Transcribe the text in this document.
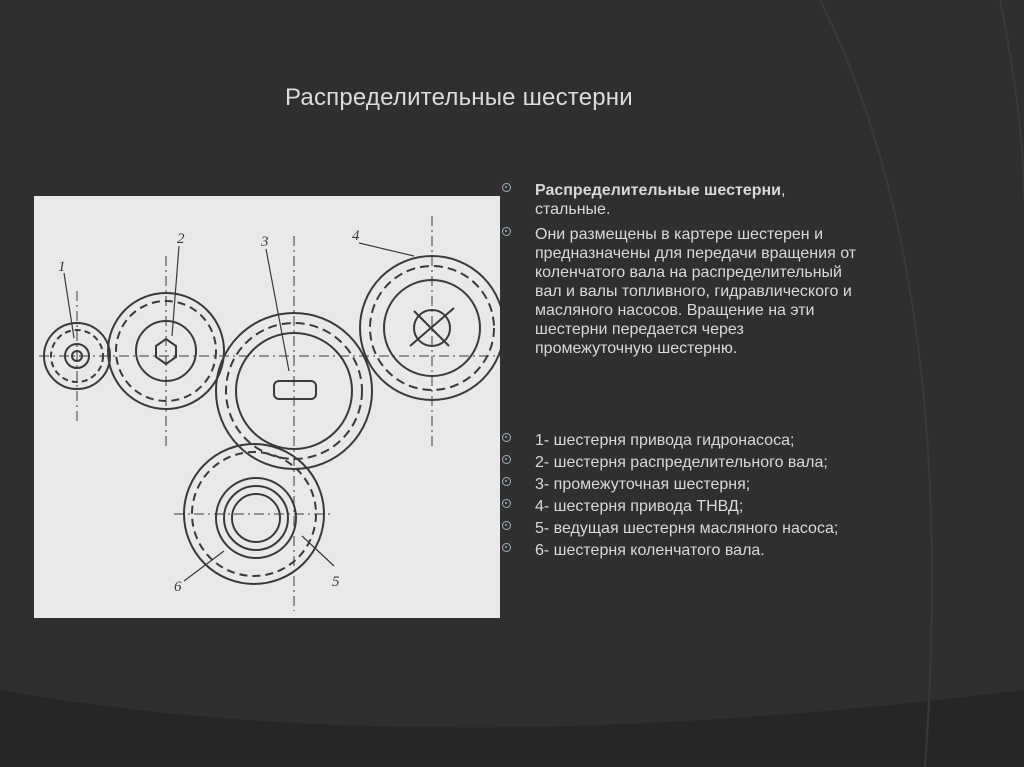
Распределительные шестерни
1
2	3	4
5
6
Распределительные шестерни, стальные.
Они размещены в картере шестерен и предназначены для передачи вращения от коленчатого вала на распределительный вал и валы топливного, гидравлического и масляного насосов. Вращение на эти шестерни передается через промежуточную шестерню.
1- шестерня привода гидронасоса;
2- шестерня распределительного вала;
3- промежуточная шестерня;
4- шестерня привода ТНВД;
5- ведущая шестерня масляного насоса;
6- шестерня коленчатого вала.
